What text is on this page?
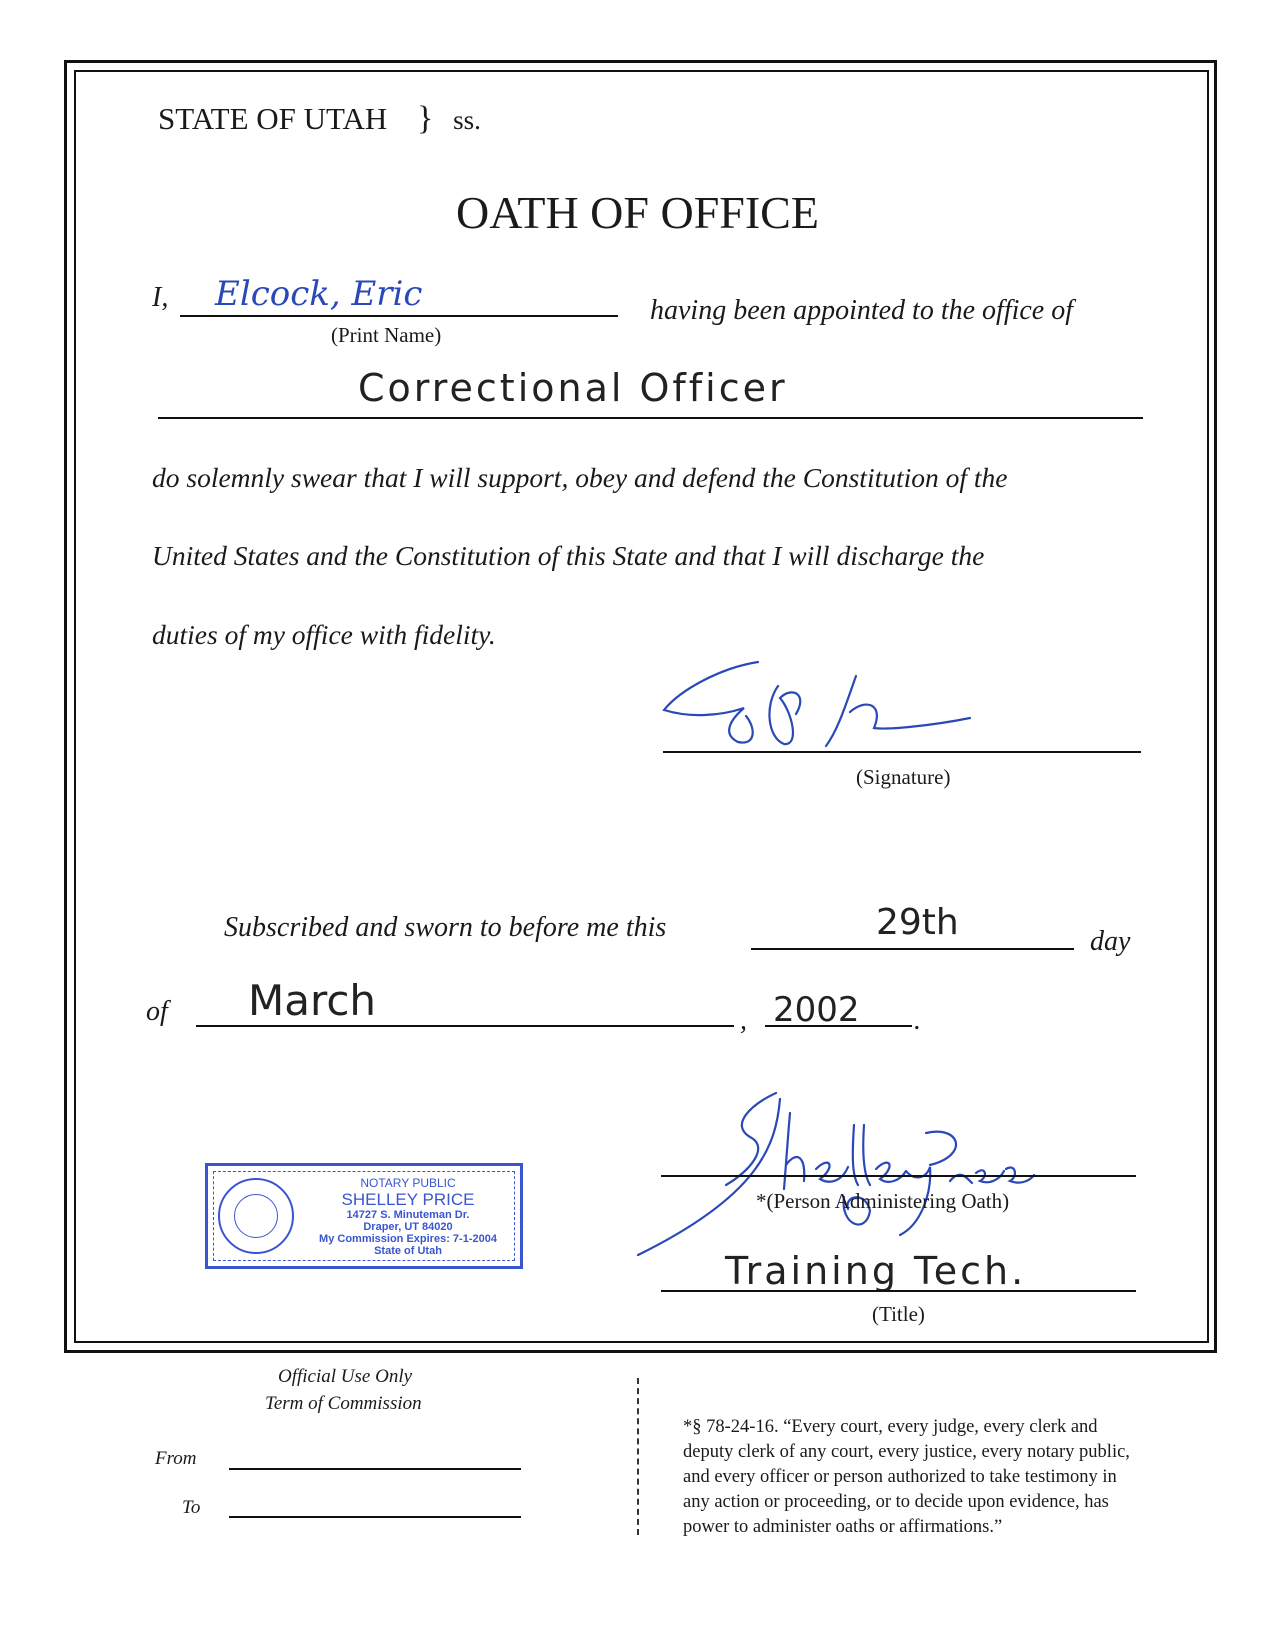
STATE OF UTAH } ss.
OATH OF OFFICE
I, Elcock, Eric
(Print Name)
having been appointed to the office of
Correctional Officer
do solemnly swear that I will support, obey and defend the Constitution of the
United States and the Constitution of this State and that I will discharge the
duties of my office with fidelity.
(Signature)
Subscribed and sworn to before me this	29th	day
of March	, 2002 .
NOTARY PUBLIC
SHELLEY PRICE
14727 S. Minuteman Dr.
Draper, UT 84020
My Commission Expires: 7-1-2004
State of Utah
*(Person Administering Oath)
Training Tech.
(Title)
Official Use Only
Term of Commission
From
To
*§ 78-24-16. “Every court, every judge, every clerk and
deputy clerk of any court, every justice, every notary public,
and every officer or person authorized to take testimony in
any action or proceeding, or to decide upon evidence, has
power to administer oaths or affirmations.”
